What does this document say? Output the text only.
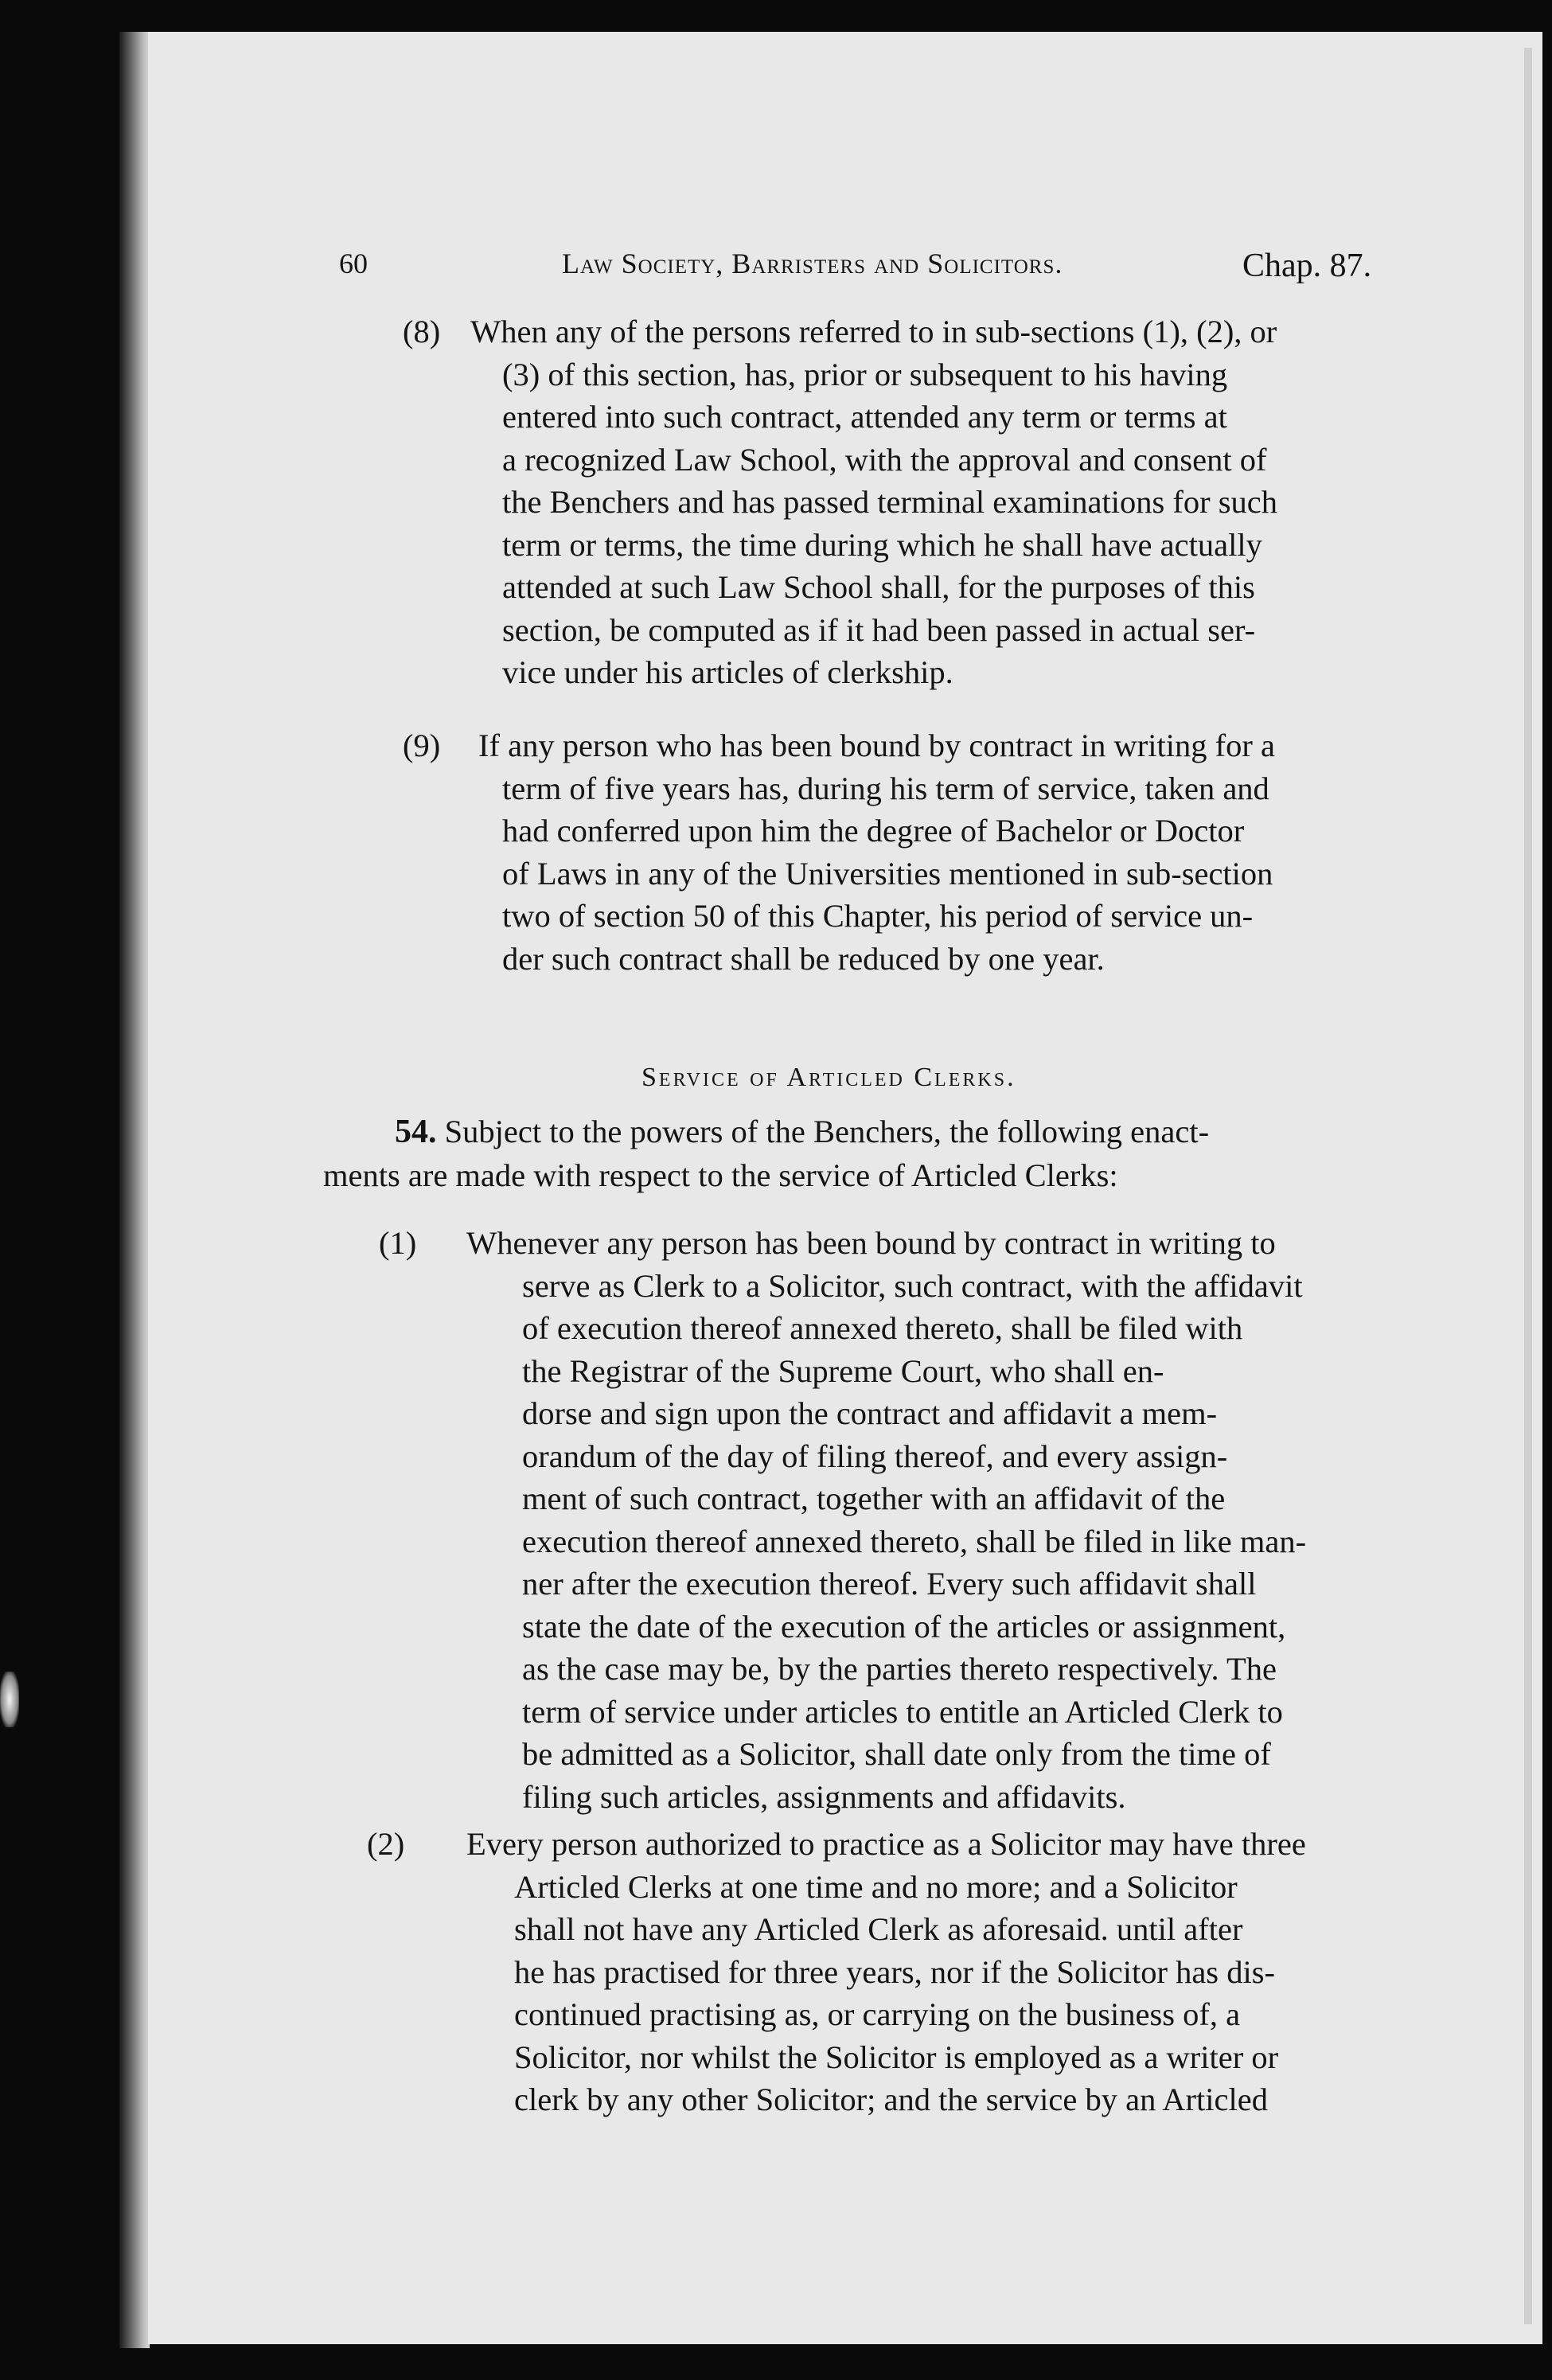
60	Law Society, Barristers and Solicitors.	Chap. 87.
(8) When any of the persons referred to in sub-sections (1), (2), or
(3) of this section, has, prior or subsequent to his having
entered into such contract, attended any term or terms at
a recognized Law School, with the approval and consent of
the Benchers and has passed terminal examinations for such
term or terms, the time during which he shall have actually
attended at such Law School shall, for the purposes of this
section, be computed as if it had been passed in actual ser-
vice under his articles of clerkship.
(9) If any person who has been bound by contract in writing for a
term of five years has, during his term of service, taken and
had conferred upon him the degree of Bachelor or Doctor
of Laws in any of the Universities mentioned in sub-section
two of section 50 of this Chapter, his period of service un-
der such contract shall be reduced by one year.
Service of Articled Clerks.
54. Subject to the powers of the Benchers, the following enact-
ments are made with respect to the service of Articled Clerks:
(1) Whenever any person has been bound by contract in writing to
serve as Clerk to a Solicitor, such contract, with the affidavit
of execution thereof annexed thereto, shall be filed with
the Registrar of the Supreme Court, who shall en-
dorse and sign upon the contract and affidavit a mem-
orandum of the day of filing thereof, and every assign-
ment of such contract, together with an affidavit of the
execution thereof annexed thereto, shall be filed in like man-
ner after the execution thereof. Every such affidavit shall
state the date of the execution of the articles or assignment,
as the case may be, by the parties thereto respectively. The
term of service under articles to entitle an Articled Clerk to
be admitted as a Solicitor, shall date only from the time of
filing such articles, assignments and affidavits.
(2) Every person authorized to practice as a Solicitor may have three
Articled Clerks at one time and no more; and a Solicitor
shall not have any Articled Clerk as aforesaid. until after
he has practised for three years, nor if the Solicitor has dis-
continued practising as, or carrying on the business of, a
Solicitor, nor whilst the Solicitor is employed as a writer or
clerk by any other Solicitor; and the service by an Articled
